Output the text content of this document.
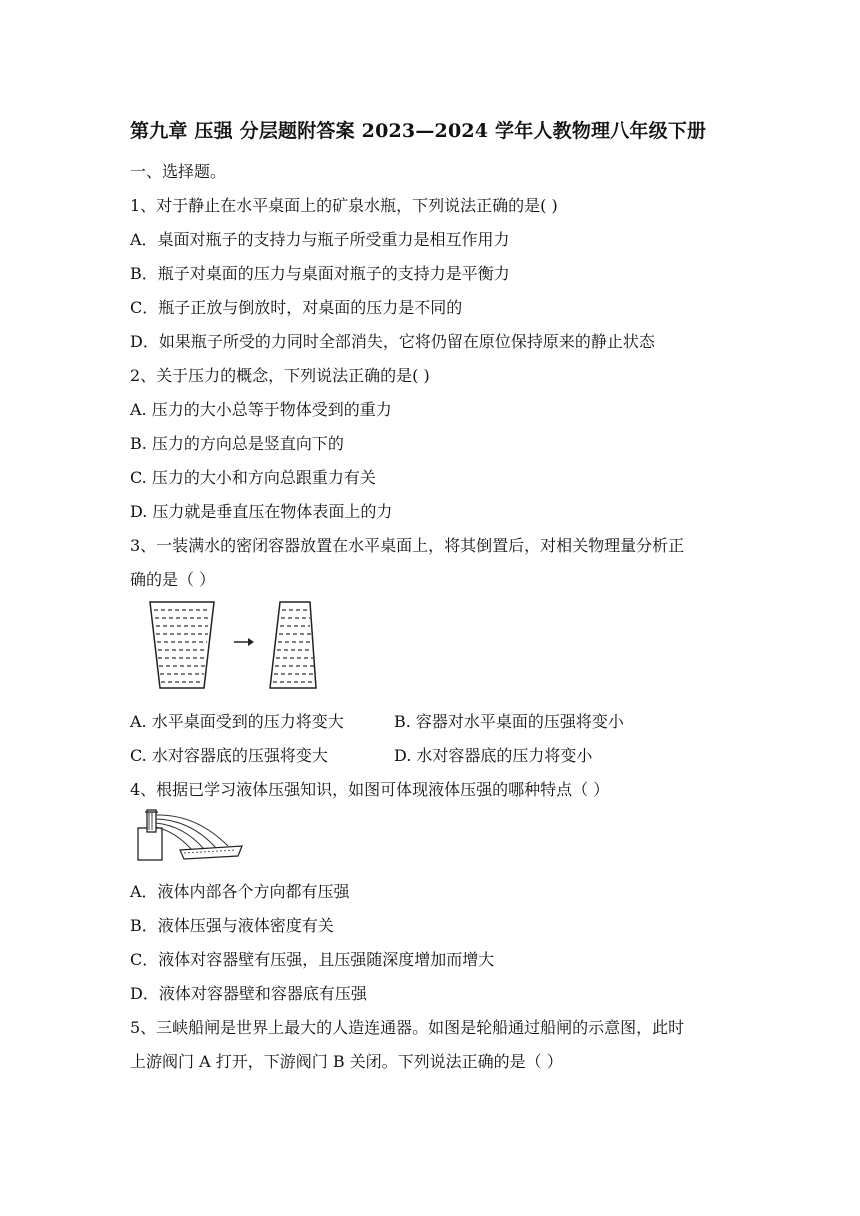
第九章 压强 分层题附答案 2023—2024 学年人教物理八年级下册
一、选择题。
1、对于静止在水平桌面上的矿泉水瓶，下列说法正确的是( )
A．桌面对瓶子的支持力与瓶子所受重力是相互作用力
B．瓶子对桌面的压力与桌面对瓶子的支持力是平衡力
C．瓶子正放与倒放时，对桌面的压力是不同的
D．如果瓶子所受的力同时全部消失，它将仍留在原位保持原来的静止状态
2、关于压力的概念，下列说法正确的是( )
A. 压力的大小总等于物体受到的重力
B. 压力的方向总是竖直向下的
C. 压力的大小和方向总跟重力有关
D. 压力就是垂直压在物体表面上的力
3、一装满水的密闭容器放置在水平桌面上，将其倒置后，对相关物理量分析正
确的是（ ）
A. 水平桌面受到的压力将变大	B. 容器对水平桌面的压强将变小
C. 水对容器底的压强将变大	D. 水对容器底的压力将变小
4、根据已学习液体压强知识，如图可体现液体压强的哪种特点（ ）
A．液体内部各个方向都有压强
B．液体压强与液体密度有关
C．液体对容器壁有压强，且压强随深度增加而增大
D．液体对容器壁和容器底有压强
5、三峡船闸是世界上最大的人造连通器。如图是轮船通过船闸的示意图，此时
上游阀门 A 打开，下游阀门 B 关闭。下列说法正确的是（ ）
